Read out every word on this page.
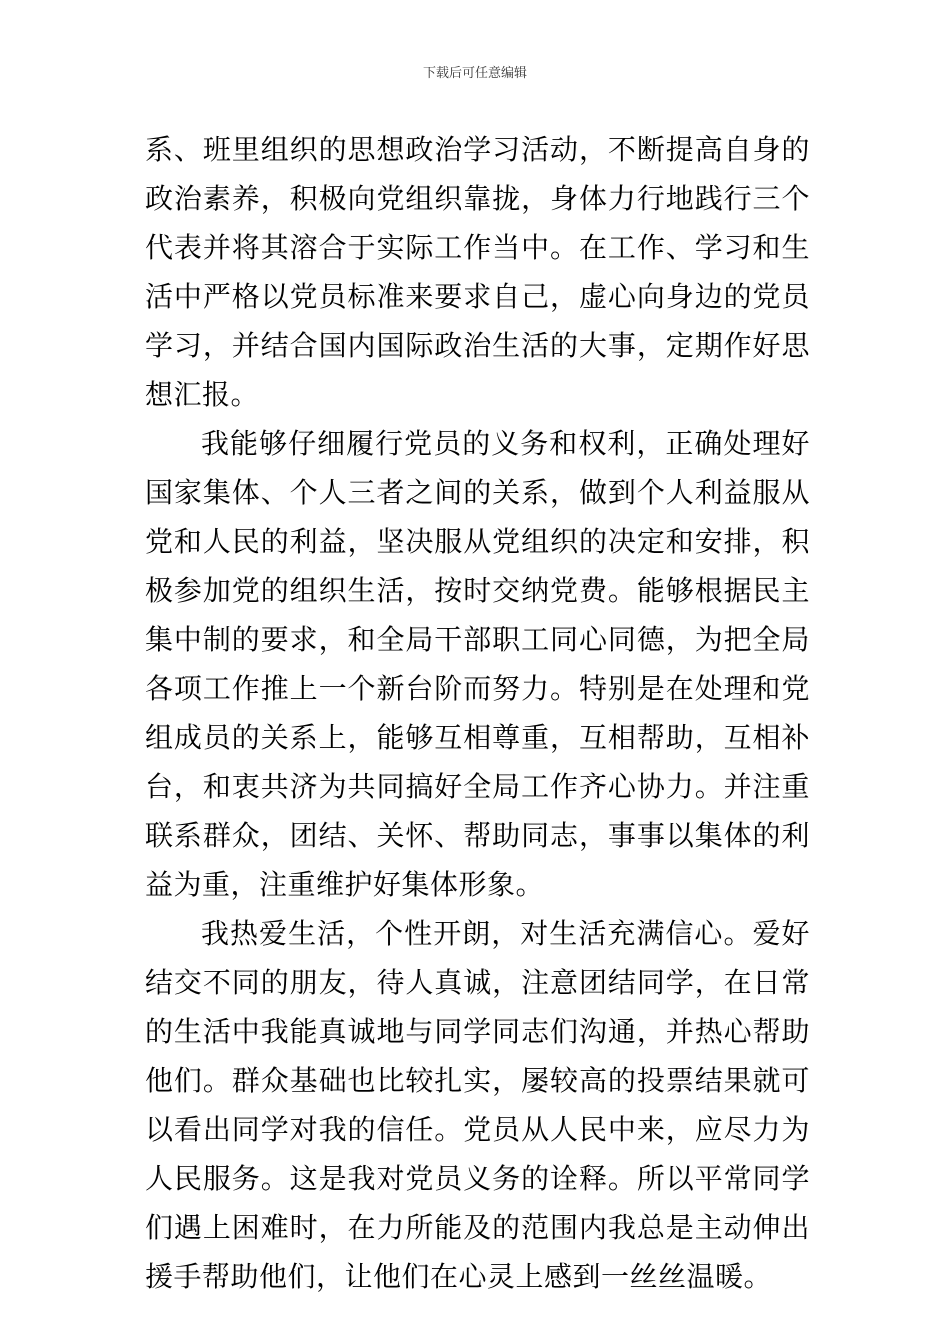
下载后可任意编辑

系、班里组织的思想政治学习活动，不断提高自身的政治素养，积极向党组织靠拢，身体力行地践行三个代表并将其溶合于实际工作当中。在工作、学习和生活中严格以党员标准来要求自己，虚心向身边的党员学习，并结合国内国际政治生活的大事，定期作好思想汇报。

我能够仔细履行党员的义务和权利，正确处理好国家集体、个人三者之间的关系，做到个人利益服从党和人民的利益，坚决服从党组织的决定和安排，积极参加党的组织生活，按时交纳党费。能够根据民主集中制的要求，和全局干部职工同心同德，为把全局各项工作推上一个新台阶而努力。特别是在处理和党组成员的关系上，能够互相尊重，互相帮助，互相补台，和衷共济为共同搞好全局工作齐心协力。并注重联系群众，团结、关怀、帮助同志，事事以集体的利益为重，注重维护好集体形象。

我热爱生活，个性开朗，对生活充满信心。爱好结交不同的朋友，待人真诚，注意团结同学，在日常的生活中我能真诚地与同学同志们沟通，并热心帮助他们。群众基础也比较扎实，屡较高的投票结果就可以看出同学对我的信任。党员从人民中来，应尽力为人民服务。这是我对党员义务的诠释。所以平常同学们遇上困难时，在力所能及的范围内我总是主动伸出援手帮助他们，让他们在心灵上感到一丝丝温暖。
